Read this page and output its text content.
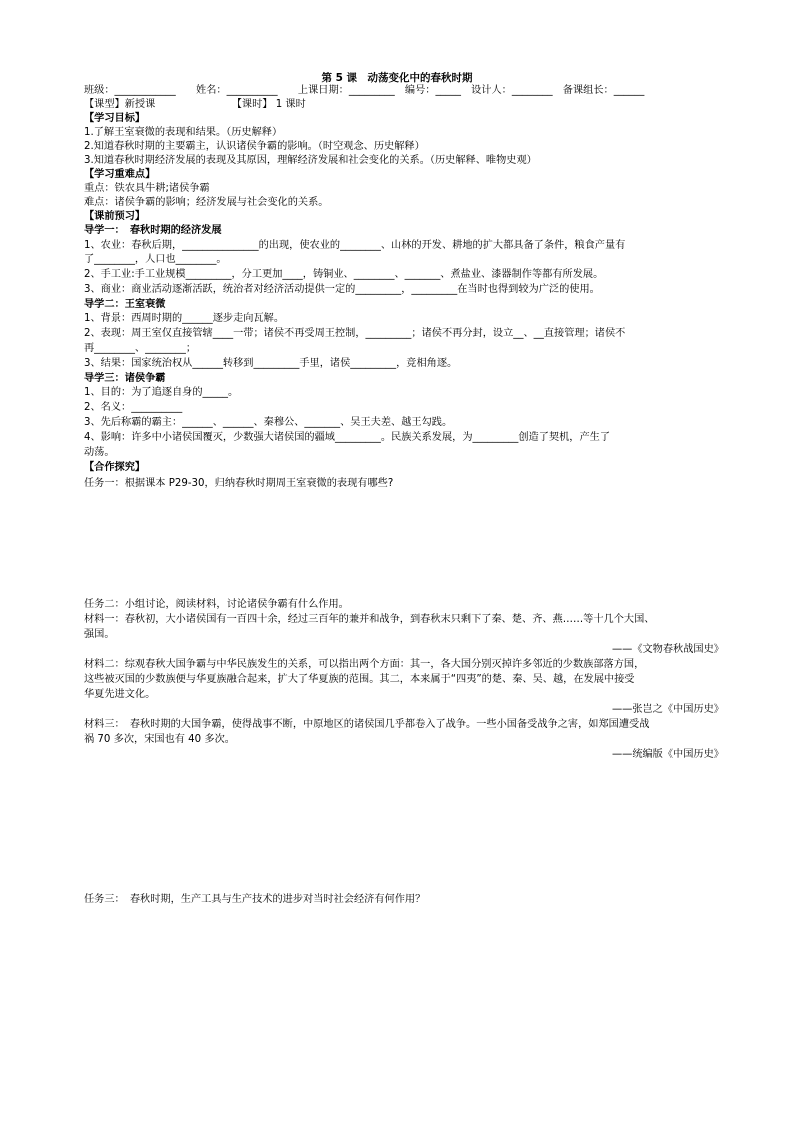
第 5 课　动荡变化中的春秋时期
班级：____________　　姓名：__________　　上课日期：_________　编号：_____　设计人：________　备课组长：______
【课型】新授课　　　　　　　　【课时】 1 课时
【学习目标】
1.了解王室衰微的表现和结果。（历史解释）
2.知道春秋时期的主要霸主，认识诸侯争霸的影响。（时空观念、历史解释）
3.知道春秋时期经济发展的表现及其原因，理解经济发展和社会变化的关系。（历史解释、唯物史观）
【学习重难点】
重点：铁农具牛耕;诸侯争霸
难点：诸侯争霸的影响；经济发展与社会变化的关系。
【课前预习】
导学一：　春秋时期的经济发展
1、农业：春秋后期，_______________的出现，使农业的________、山林的开发、耕地的扩大都具备了条件，粮食产量有
了________，人口也________。
2、手工业:手工业规模_________，分工更加____，铸铜业、________、_______、煮盐业、漆器制作等都有所发展。
3、商业：商业活动逐渐活跃，统治者对经济活动提供一定的_________，_________在当时也得到较为广泛的使用。
导学二：王室衰微
1、背景：西周时期的______逐步走向瓦解。
2、表现：周王室仅直接管辖____一带；诸侯不再受周王控制，_________；诸侯不再分封，设立__、__直接管理；诸侯不
再________、________；
3、结果：国家统治权从______转移到_________手里，诸侯_________，竞相角逐。
导学三：诸侯争霸
1、目的：为了追逐自身的_____。
2、名义：__________
3、先后称霸的霸主：______、______、秦穆公、_______、吴王夫差、越王勾践。
4、影响：许多中小诸侯国覆灭，少数强大诸侯国的疆域_________。民族关系发展，为_________创造了契机，产生了
动荡。
【合作探究】
任务一：根据课本 P29-30，归纳春秋时期周王室衰微的表现有哪些?
任务二：小组讨论，阅读材料，讨论诸侯争霸有什么作用。
材料一：春秋初，大小诸侯国有一百四十余，经过三百年的兼并和战争，到春秋末只剩下了秦、楚、齐、燕……等十几个大国、
强国。
——《文物春秋战国史》
材料二：综观春秋大国争霸与中华民族发生的关系，可以指出两个方面：其一，各大国分别灭掉许多邻近的少数族部落方国，
这些被灭国的少数族便与华夏族融合起来，扩大了华夏族的范围。其二，本来属于“四夷”的楚、秦、吴、越，在发展中接受
华夏先进文化。
——张岂之《中国历史》
材料三：　春秋时期的大国争霸，使得战事不断，中原地区的诸侯国几乎都卷入了战争。一些小国备受战争之害，如郑国遭受战
祸 70 多次，宋国也有 40 多次。
——统编版《中国历史》
任务三：　春秋时期，生产工具与生产技术的进步对当时社会经济有何作用？
